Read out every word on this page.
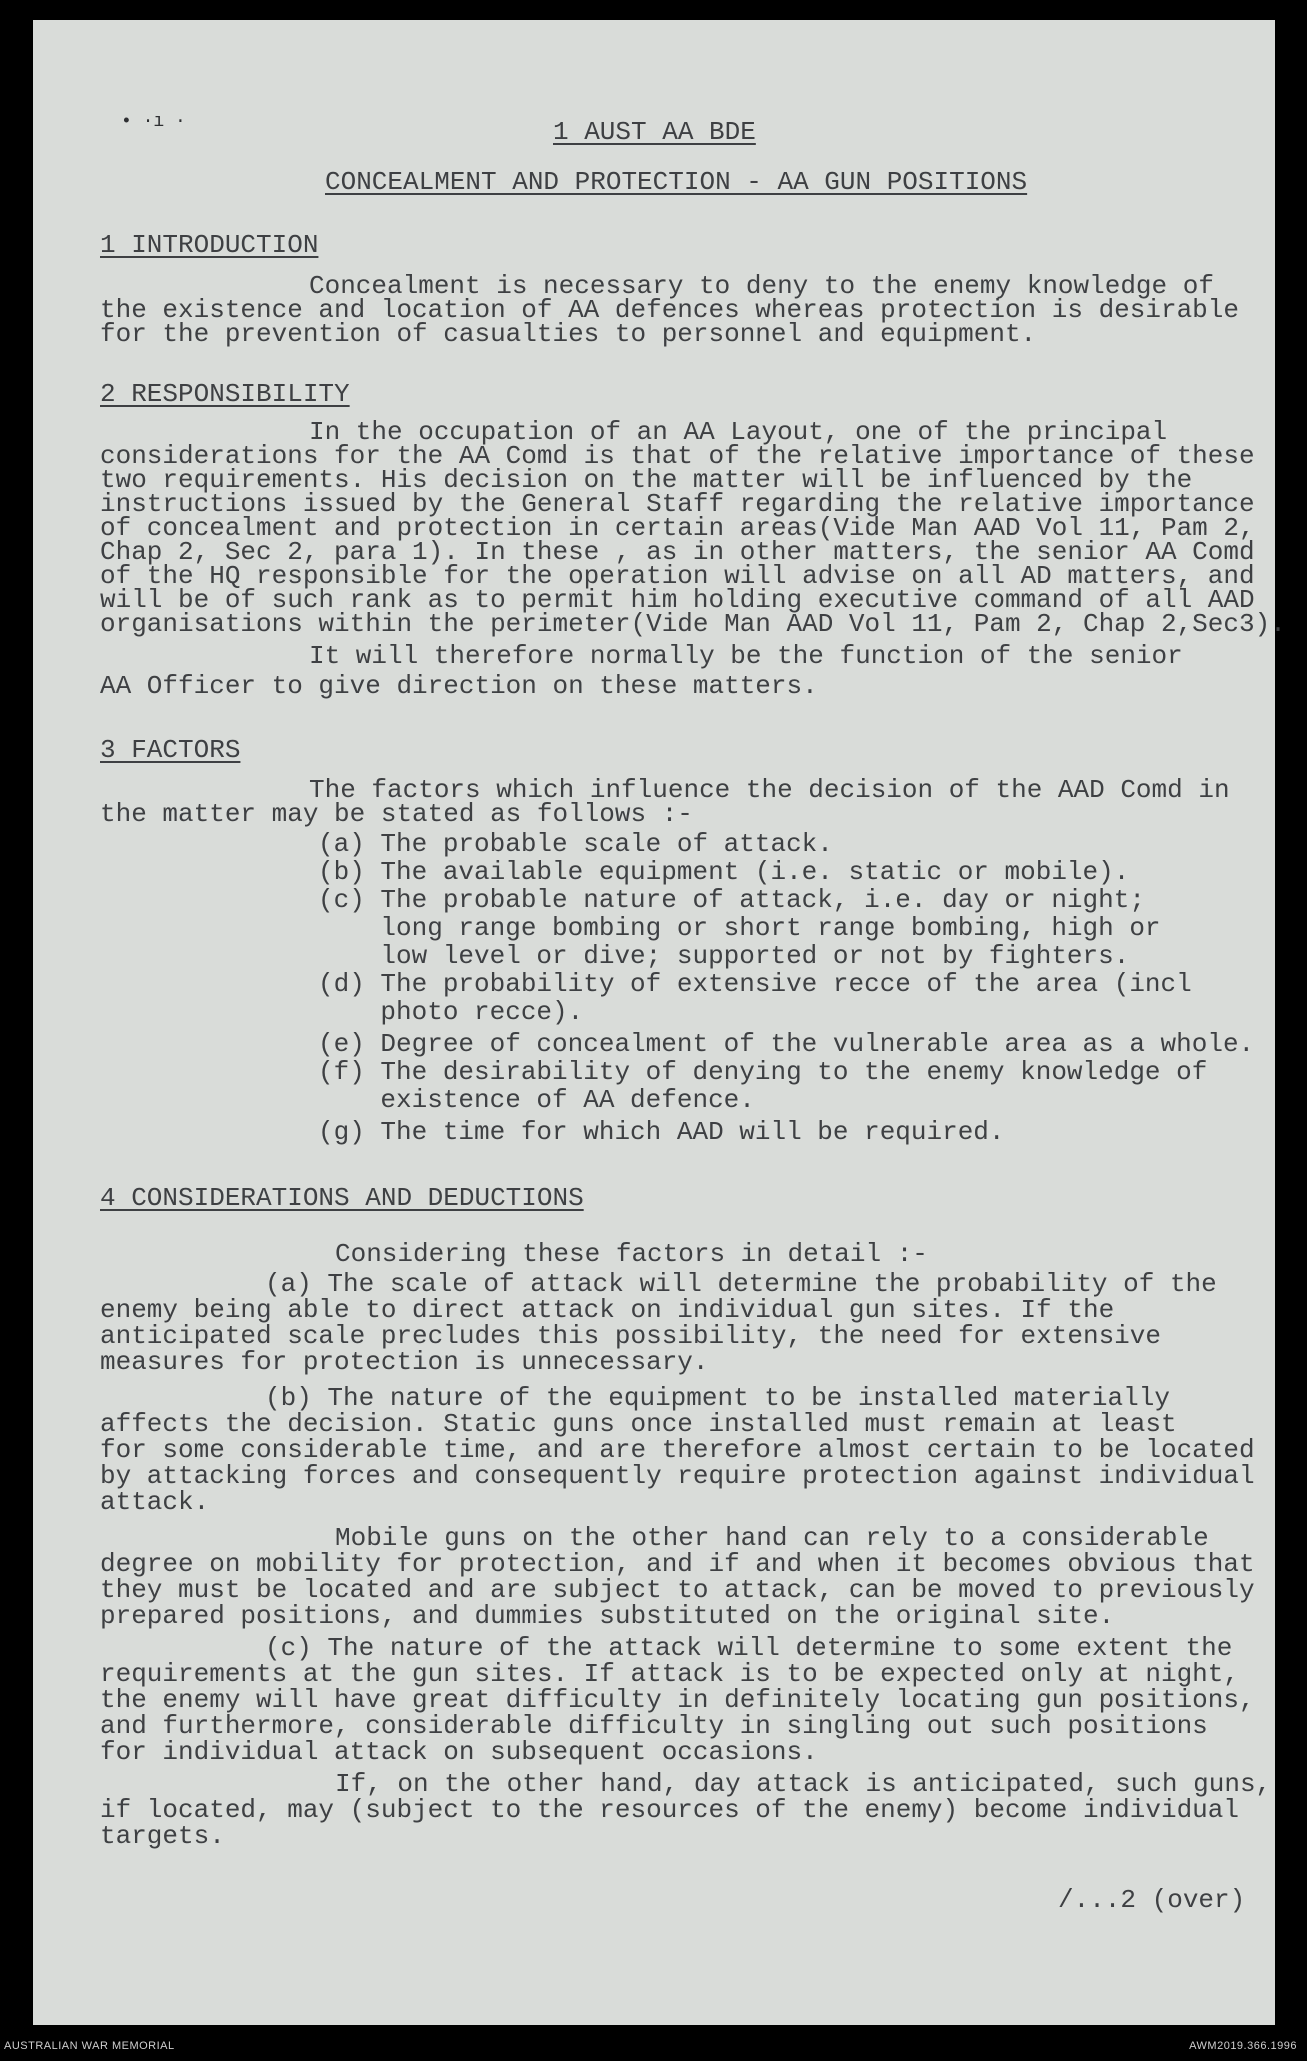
• ·ı ·	1 AUST AA BDE
CONCEALMENT AND PROTECTION - AA GUN POSITIONS
1 INTRODUCTION
Concealment is necessary to deny to the enemy knowledge of
the existence and location of AA defences whereas protection is desirable
for the prevention of casualties to personnel and equipment.
2 RESPONSIBILITY
In the occupation of an AA Layout, one of the principal
considerations for the AA Comd is that of the relative importance of these
two requirements. His decision on the matter will be influenced by the
instructions issued by the General Staff regarding the relative importance
of concealment and protection in certain areas(Vide Man AAD Vol 11, Pam 2,
Chap 2, Sec 2, para 1). In these , as in other matters, the senior AA Comd
of the HQ responsible for the operation will advise on all AD matters, and
will be of such rank as to permit him holding executive command of all AAD
organisations within the perimeter(Vide Man AAD Vol 11, Pam 2, Chap 2,Sec3).
It will therefore normally be the function of the senior
AA Officer to give direction on these matters.
3 FACTORS
The factors which influence the decision of the AAD Comd in
the matter may be stated as follows :-
(a) The probable scale of attack.
(b) The available equipment (i.e. static or mobile).
(c) The probable nature of attack, i.e. day or night;
long range bombing or short range bombing, high or
low level or dive; supported or not by fighters.
(d) The probability of extensive recce of the area (incl
photo recce).
(e) Degree of concealment of the vulnerable area as a whole.
(f) The desirability of denying to the enemy knowledge of
existence of AA defence.
(g) The time for which AAD will be required.
4 CONSIDERATIONS AND DEDUCTIONS
Considering these factors in detail :-
(a) The scale of attack will determine the probability of the
enemy being able to direct attack on individual gun sites. If the
anticipated scale precludes this possibility, the need for extensive
measures for protection is unnecessary.
(b) The nature of the equipment to be installed materially
affects the decision. Static guns once installed must remain at least
for some considerable time, and are therefore almost certain to be located
by attacking forces and consequently require protection against individual
attack.
Mobile guns on the other hand can rely to a considerable
degree on mobility for protection, and if and when it becomes obvious that
they must be located and are subject to attack, can be moved to previously
prepared positions, and dummies substituted on the original site.
(c) The nature of the attack will determine to some extent the
requirements at the gun sites. If attack is to be expected only at night,
the enemy will have great difficulty in definitely locating gun positions,
and furthermore, considerable difficulty in singling out such positions
for individual attack on subsequent occasions.
If, on the other hand, day attack is anticipated, such guns,
if located, may (subject to the resources of the enemy) become individual
targets.
/...2 (over)
AUSTRALIAN WAR MEMORIAL	AWM2019.366.1996
